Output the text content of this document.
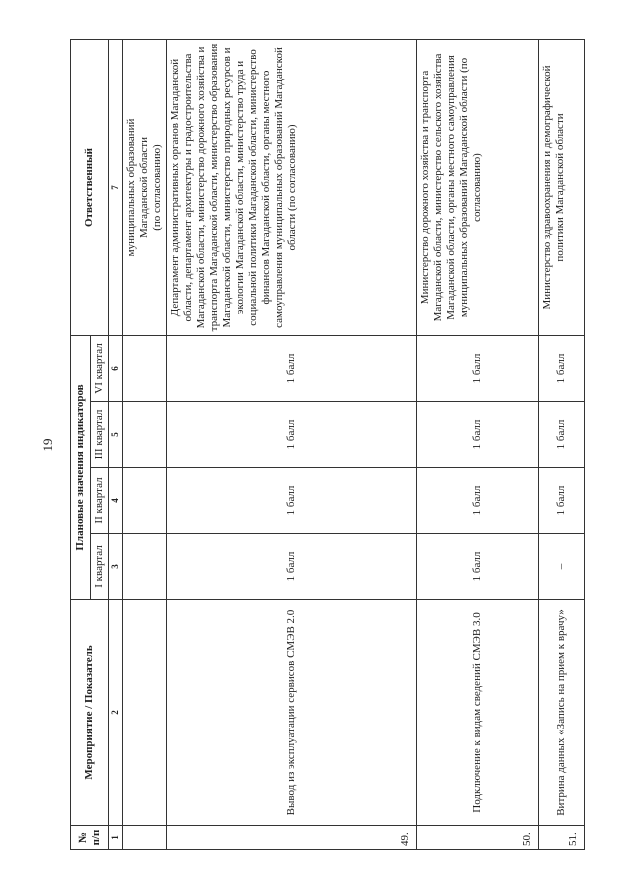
19
№
п/п	Мероприятие / Показатель	Плановые значения индикаторов				Ответственный
		I квартал	II квартал	III квартал	VI квартал	
1	2	3	4	5	6	7
						муниципальных образований
Магаданской области
(по согласованию)
49.	Вывод из эксплуатации сервисов СМЭВ 2.0	1 балл	1 балл	1 балл	1 балл	Департамент административных органов Магаданской области, департамент архитектуры и градостроительства Магаданской области, министерство дорожного хозяйства и транспорта Магаданской области, министерство образования Магаданской области, министерство природных ресурсов и экологии Магаданской области, министерство труда и социальной политики Магаданской области, министерство финансов Магаданской области, органы местного самоуправления муниципальных образований Магаданской области (по согласованию)
50.	Подключение к видам сведений СМЭВ 3.0	1 балл	1 балл	1 балл	1 балл	Министерство дорожного хозяйства и транспорта Магаданской области, министерство сельского хозяйства Магаданской области, органы местного самоуправления муниципальных образований Магаданской области (по согласованию)
51.	Витрина данных «Запись на прием к врачу»	–	1 балл	1 балл	1 балл	Министерство здравоохранения и демографической политики Магаданской области
